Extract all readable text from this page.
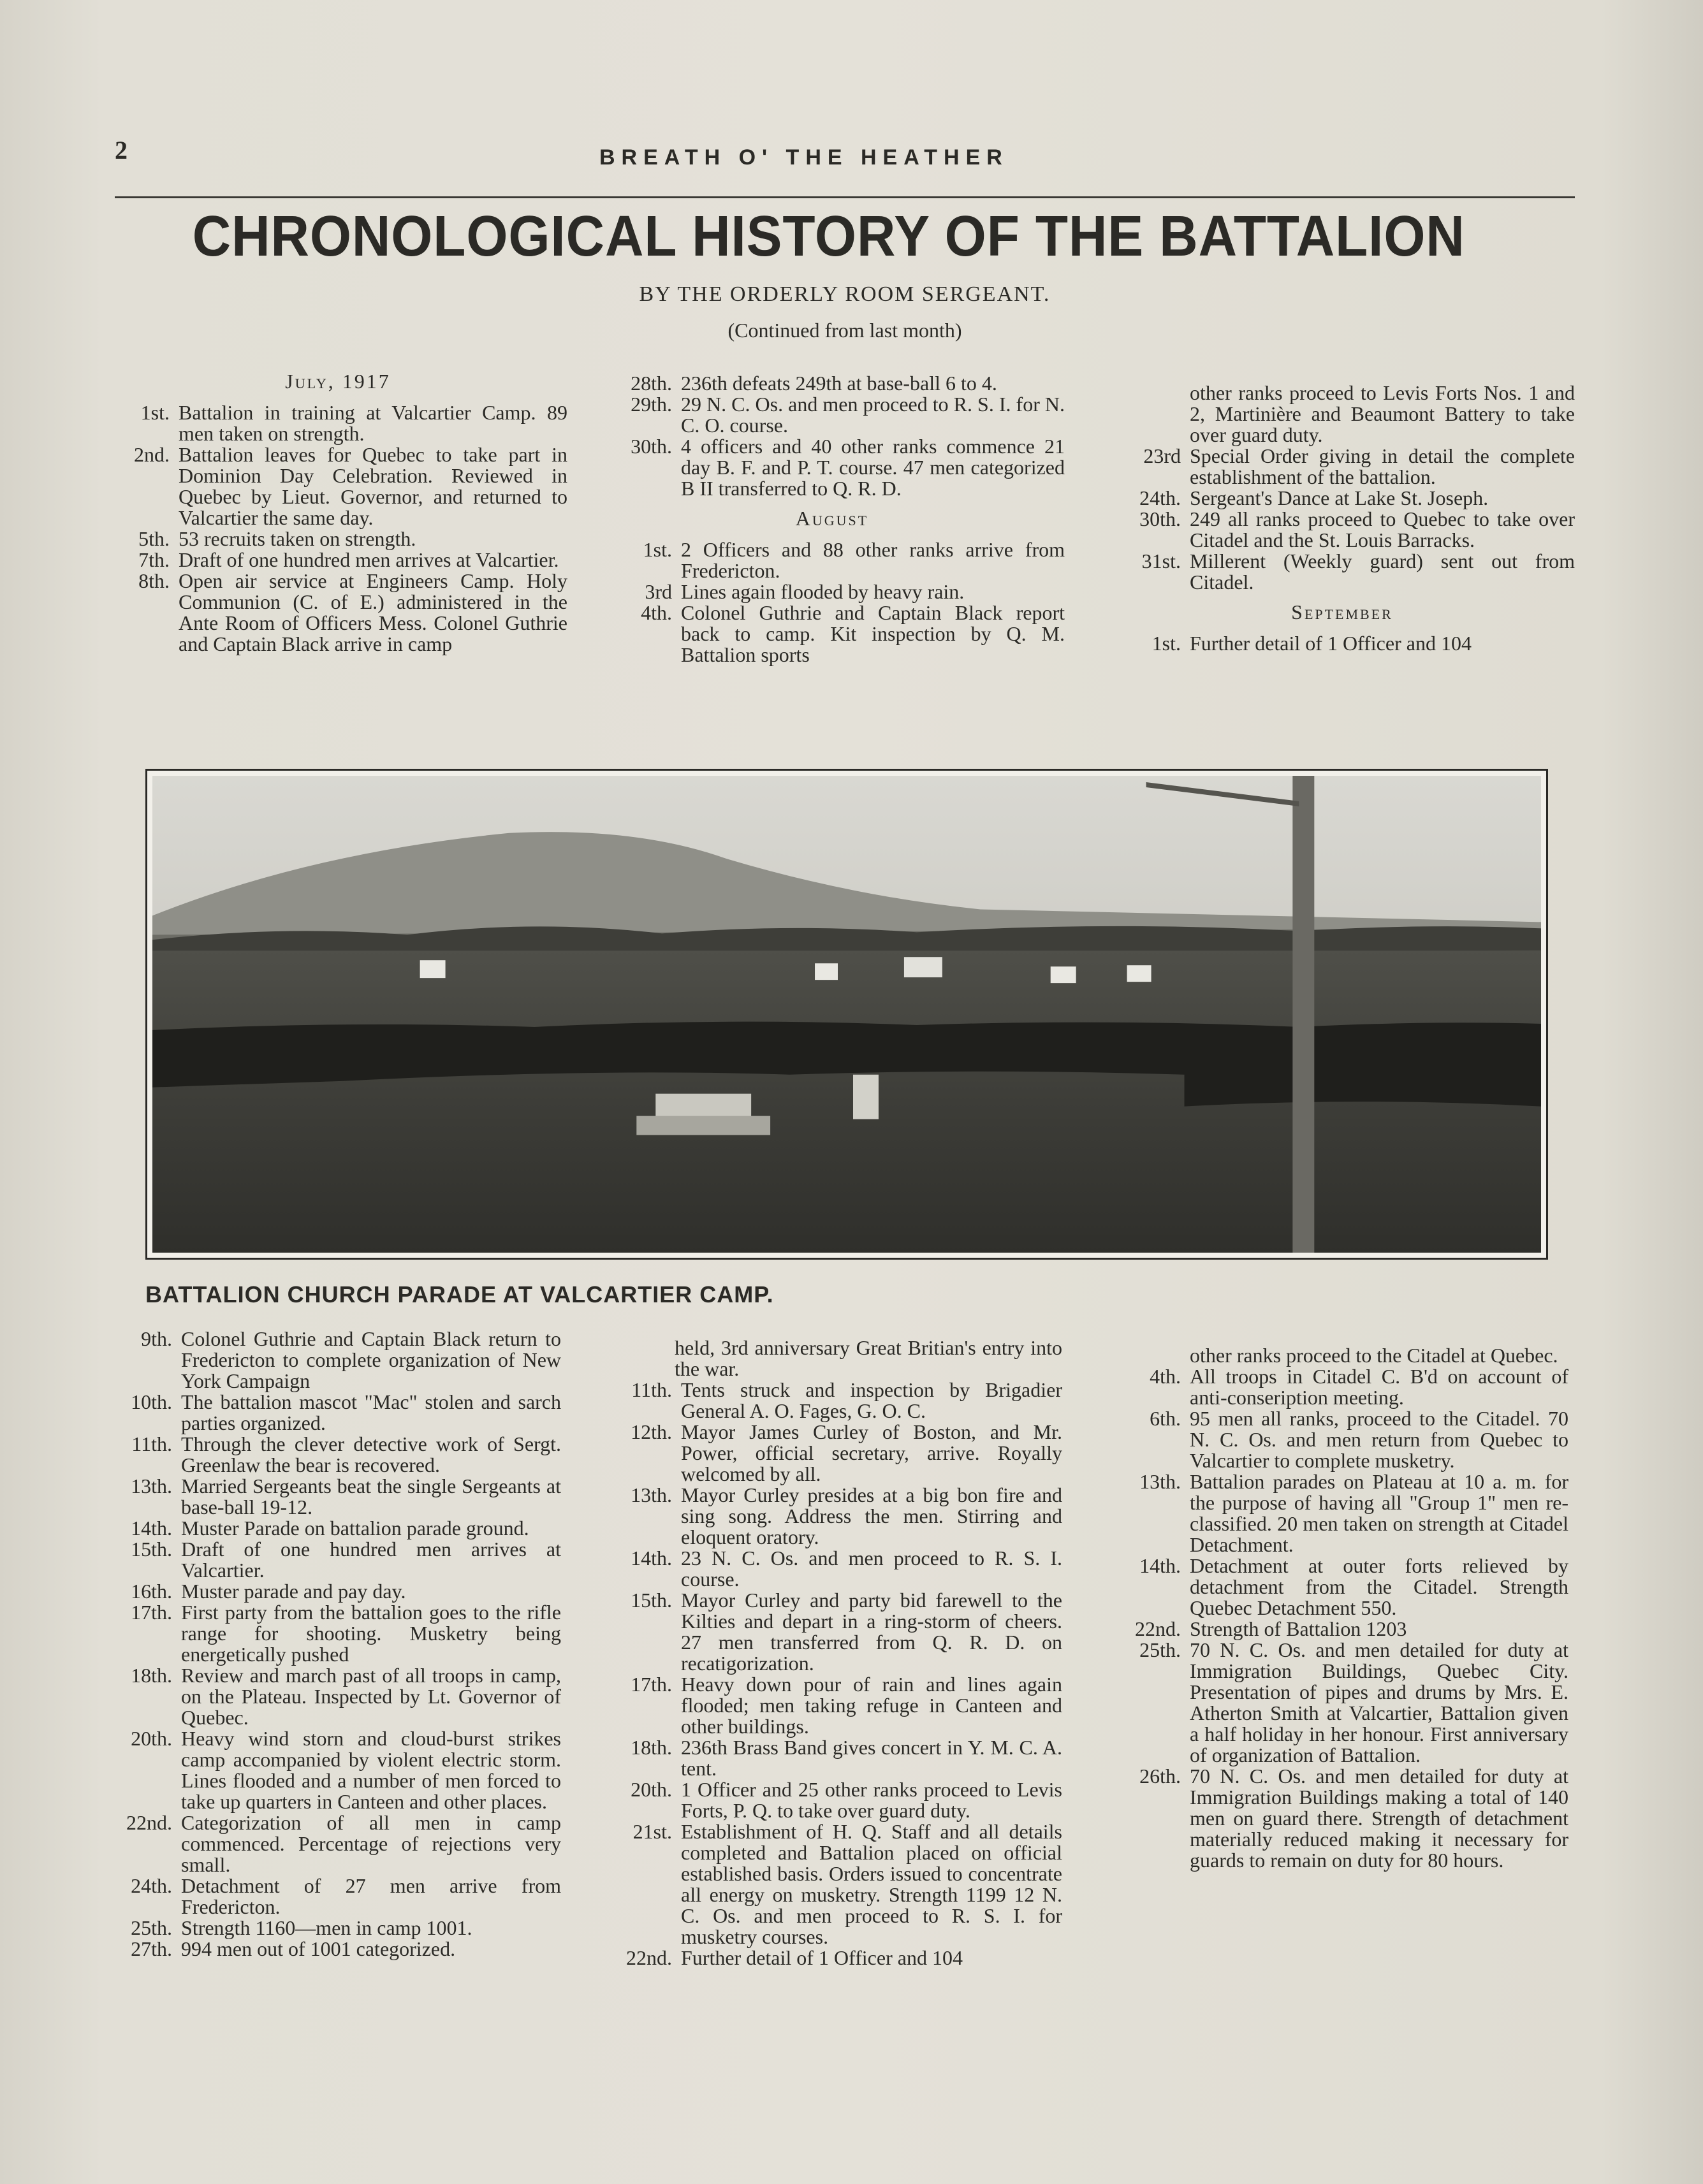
2	BREATH O' THE HEATHER
CHRONOLOGICAL HISTORY OF THE BATTALION
BY THE ORDERLY ROOM SERGEANT.
(Continued from last month)
July, 1917
1st. Battalion in training at Valcartier Camp. 89 men taken on strength.
2nd. Battalion leaves for Quebec to take part in Dominion Day Celebration. Reviewed in Quebec by Lieut. Governor, and returned to Valcartier the same day.
5th. 53 recruits taken on strength.
7th. Draft of one hundred men arrives at Valcartier.
8th. Open air service at Engineers Camp. Holy Communion (C. of E.) administered in the Ante Room of Officers Mess. Colonel Guthrie and Captain Black arrive in camp
28th. 236th defeats 249th at base-ball 6 to 4.
29th. 29 N. C. Os. and men proceed to R. S. I. for N. C. O. course.
30th. 4 officers and 40 other ranks commence 21 day B. F. and P. T. course. 47 men categorized B II transferred to Q. R. D.
August
1st. 2 Officers and 88 other ranks arrive from Fredericton.
3rd Lines again flooded by heavy rain.
4th. Colonel Guthrie and Captain Black report back to camp. Kit inspection by Q. M. Battalion sports
other ranks proceed to Levis Forts Nos. 1 and 2, Martinière and Beaumont Battery to take over guard duty.
23rd Special Order giving in detail the complete establishment of the battalion.
24th. Sergeant's Dance at Lake St. Joseph.
30th. 249 all ranks proceed to Quebec to take over Citadel and the St. Louis Barracks.
31st. Millerent (Weekly guard) sent out from Citadel.
September
1st. Further detail of 1 Officer and 104
BATTALION CHURCH PARADE AT VALCARTIER CAMP.
9th. Colonel Guthrie and Captain Black return to Fredericton to complete organization of New York Campaign
10th. The battalion mascot "Mac" stolen and sarch parties organized.
11th. Through the clever detective work of Sergt. Greenlaw the bear is recovered.
13th. Married Sergeants beat the single Sergeants at base-ball 19-12.
14th. Muster Parade on battalion parade ground.
15th. Draft of one hundred men arrives at Valcartier.
16th. Muster parade and pay day.
17th. First party from the battalion goes to the rifle range for shooting. Musketry being energetically pushed
18th. Review and march past of all troops in camp, on the Plateau. Inspected by Lt. Governor of Quebec.
20th. Heavy wind storn and cloud-burst strikes camp accompanied by violent electric storm. Lines flooded and a number of men forced to take up quarters in Canteen and other places.
22nd. Categorization of all men in camp commenced. Percentage of rejections very small.
24th. Detachment of 27 men arrive from Fredericton.
25th. Strength 1160—men in camp 1001.
27th. 994 men out of 1001 categorized.
held, 3rd anniversary Great Britian's entry into the war.
11th. Tents struck and inspection by Brigadier General A. O. Fages, G. O. C.
12th. Mayor James Curley of Boston, and Mr. Power, official secretary, arrive. Royally welcomed by all.
13th. Mayor Curley presides at a big bon fire and sing song. Address the men. Stirring and eloquent oratory.
14th. 23 N. C. Os. and men proceed to R. S. I. course.
15th. Mayor Curley and party bid farewell to the Kilties and depart in a ring-storm of cheers. 27 men transferred from Q. R. D. on recatigorization.
17th. Heavy down pour of rain and lines again flooded; men taking refuge in Canteen and other buildings.
18th. 236th Brass Band gives concert in Y. M. C. A. tent.
20th. 1 Officer and 25 other ranks proceed to Levis Forts, P. Q. to take over guard duty.
21st. Establishment of H. Q. Staff and all details completed and Battalion placed on official established basis. Orders issued to concentrate all energy on musketry. Strength 1199 12 N. C. Os. and men proceed to R. S. I. for musketry courses.
22nd. Further detail of 1 Officer and 104
other ranks proceed to the Citadel at Quebec.
4th. All troops in Citadel C. B'd on account of anti-conseription meeting.
6th. 95 men all ranks, proceed to the Citadel. 70 N. C. Os. and men return from Quebec to Valcartier to complete musketry.
13th. Battalion parades on Plateau at 10 a. m. for the purpose of having all "Group 1" men re-classified. 20 men taken on strength at Citadel Detachment.
14th. Detachment at outer forts relieved by detachment from the Citadel. Strength Quebec Detachment 550.
22nd. Strength of Battalion 1203
25th. 70 N. C. Os. and men detailed for duty at Immigration Buildings, Quebec City. Presentation of pipes and drums by Mrs. E. Atherton Smith at Valcartier, Battalion given a half holiday in her honour. First anniversary of organization of Battalion.
26th. 70 N. C. Os. and men detailed for duty at Immigration Buildings making a total of 140 men on guard there. Strength of detachment materially reduced making it necessary for guards to remain on duty for 80 hours.
